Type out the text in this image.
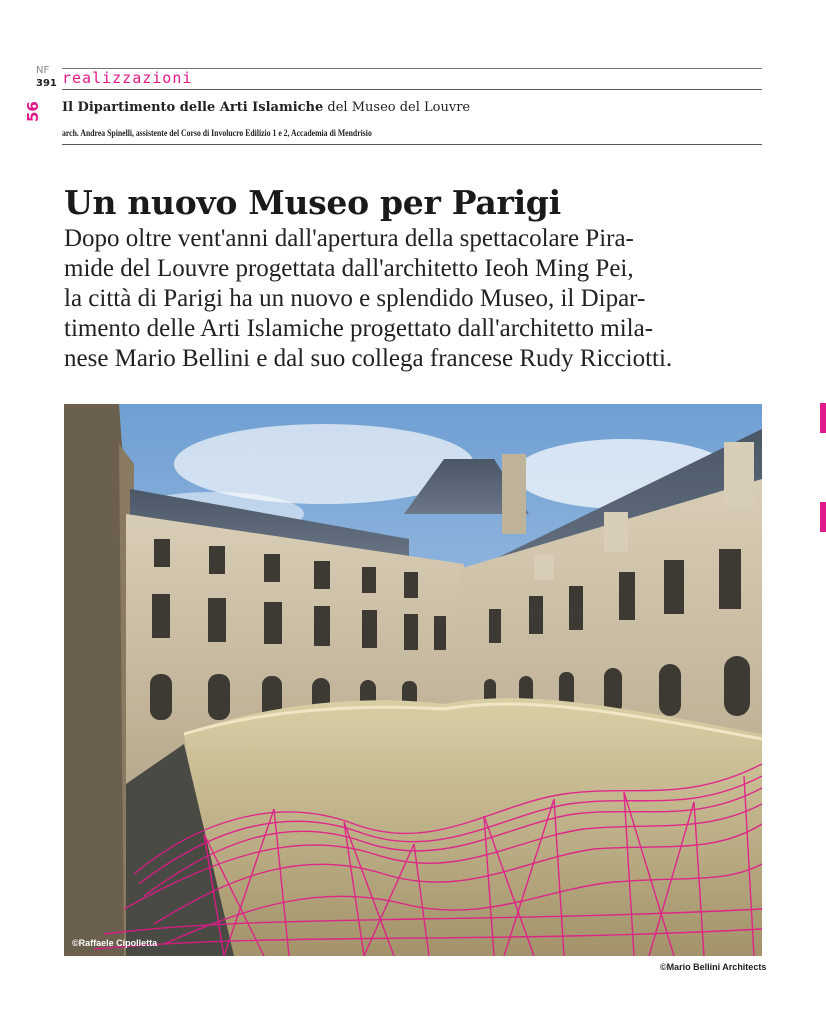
NF
391 realizzazioni
56 Il Dipartimento delle Arti Islamiche del Museo del Louvre
arch. Andrea Spinelli, assistente del Corso di Involucro Edilizio 1 e 2, Accademia di Mendrisio
Un nuovo Museo per Parigi
Dopo oltre vent'anni dall'apertura della spettacolare Pira-
mide del Louvre progettata dall'architetto Ieoh Ming Pei,
la città di Parigi ha un nuovo e splendido Museo, il Dipar-
timento delle Arti Islamiche progettato dall'architetto mila-
nese Mario Bellini e dal suo collega francese Rudy Ricciotti.
©Raffaele Cipolletta
©Mario Bellini Architects
